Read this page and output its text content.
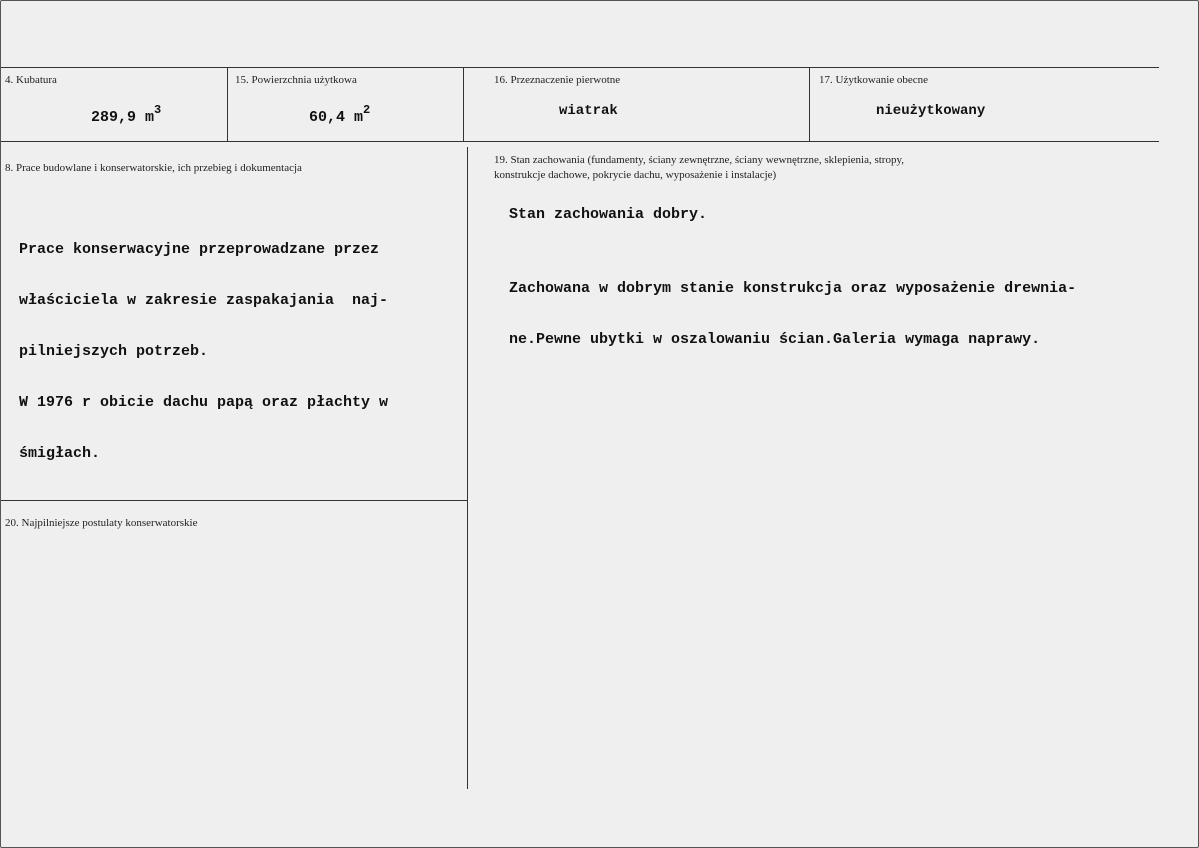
4. Kubatura
289,9 $m^3$
15. Powierzchnia użytkowa
60,4 $m^2$
16. Przeznaczenie pierwotne
wiatrak
17. Użytkowanie obecne
nieużytkowany
8. Prace budowlane i konserwatorskie, ich przebieg i dokumentacja

Prace konserwacyjne przeprowadzane przez

właściciela w zakresie zaspakajania  naj-

pilniejszych potrzeb.

W 1976 r obicie dachu papą oraz płachty w

śmigłach.

19. Stan zachowania (fundamenty, ściany zewnętrzne, ściany wewnętrzne, sklepienia, stropy,
konstrukcje dachowe, pokrycie dachu, wyposażenie i instalacje)
Stan zachowania dobry.

Zachowana w dobrym stanie konstrukcja oraz wyposażenie drewnia-

ne.Pewne ubytki w oszalowaniu ścian.Galeria wymaga naprawy.

20. Najpilniejsze postulaty konserwatorskie
